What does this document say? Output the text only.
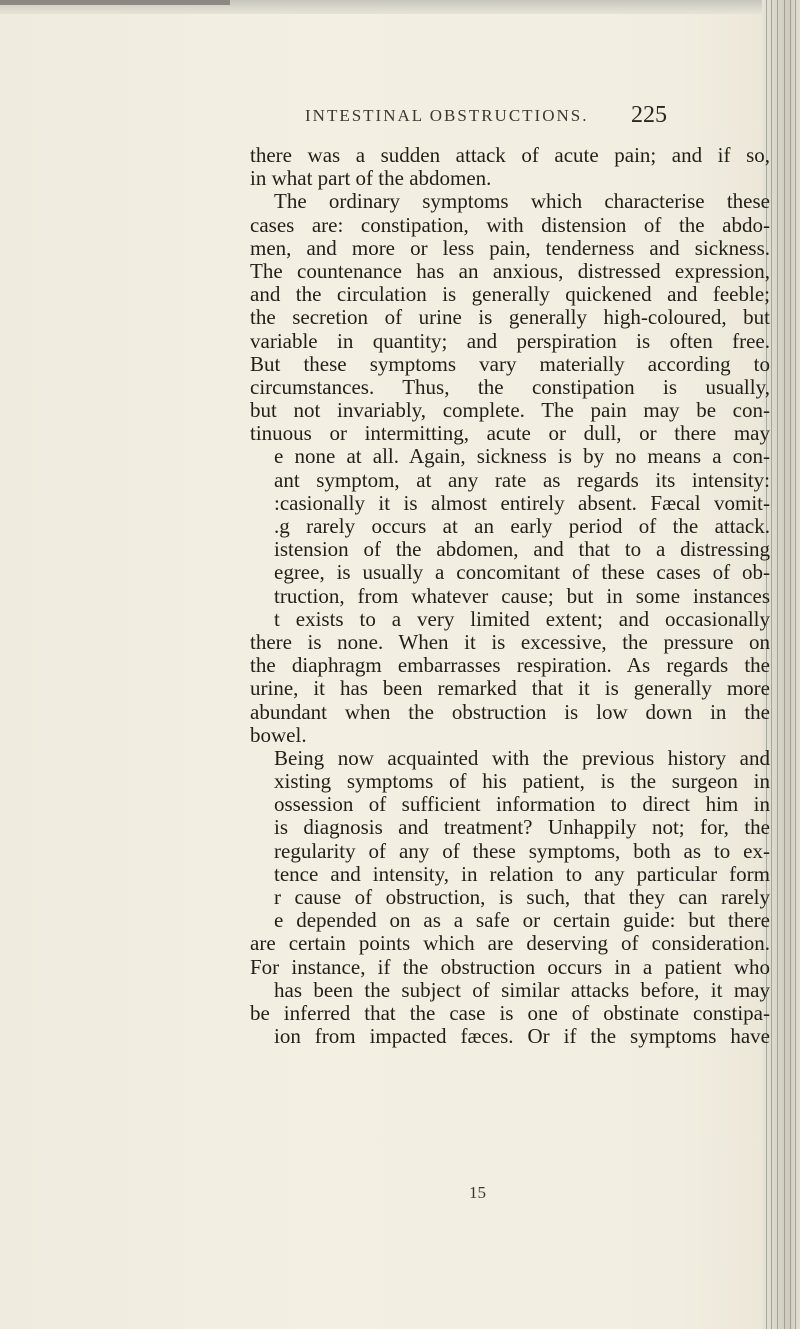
INTESTINAL OBSTRUCTIONS. 225
there was a sudden attack of acute pain; and if so,
in what part of the abdomen.
The ordinary symptoms which characterise these
cases are: constipation, with distension of the abdo-
men, and more or less pain, tenderness and sickness.
The countenance has an anxious, distressed expression,
and the circulation is generally quickened and feeble;
the secretion of urine is generally high-coloured, but
variable in quantity; and perspiration is often free.
But these symptoms vary materially according to
circumstances. Thus, the constipation is usually,
but not invariably, complete. The pain may be con-
tinuous or intermitting, acute or dull, or there may
e none at all. Again, sickness is by no means a con-
ant symptom, at any rate as regards its intensity:
:casionally it is almost entirely absent. Fæcal vomit-
.g rarely occurs at an early period of the attack.
istension of the abdomen, and that to a distressing
egree, is usually a concomitant of these cases of ob-
truction, from whatever cause; but in some instances
t exists to a very limited extent; and occasionally
there is none. When it is excessive, the pressure on
the diaphragm embarrasses respiration. As regards the
urine, it has been remarked that it is generally more
abundant when the obstruction is low down in the
bowel.
Being now acquainted with the previous history and
xisting symptoms of his patient, is the surgeon in
ossession of sufficient information to direct him in
is diagnosis and treatment? Unhappily not; for, the
regularity of any of these symptoms, both as to ex-
tence and intensity, in relation to any particular form
r cause of obstruction, is such, that they can rarely
e depended on as a safe or certain guide: but there
are certain points which are deserving of consideration.
For instance, if the obstruction occurs in a patient who
has been the subject of similar attacks before, it may
be inferred that the case is one of obstinate constipa-
ion from impacted fæces. Or if the symptoms have
15
